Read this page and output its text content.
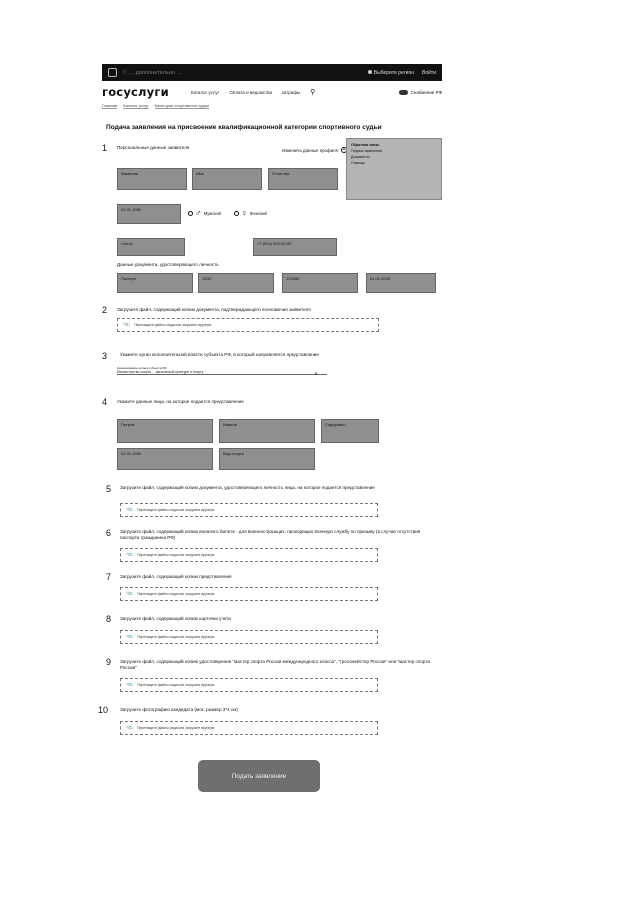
Ⓥ ... дополнительно ...	Выберите регион Войти
госуслуги	Каталог услуг Оплата и ведомства Штрафы ⚲	Снабжение РФ
Главная Каталог услуг Категории спортивного судьи
Подача заявления на присвоение квалификационной категории спортивного судьи
1 Персональные данные заявителя	Изменить данные профиля +
Обратная связь
Подача заявления
Документы
Помощь
Фамилия	Имя	Отчество
01.01.1980	♂ Мужской ♀ Женский
Снилс	+7 (000) 000-00-00
Данные документа, удостоверяющего личность
Паспорт	1234	123456	01.01.2000
2 Загрузите файл, содержащий копию документа, подтверждающего полномочия заявителя
📎 Перетащите файлы сюда или загрузите вручную
3	Укажите орган исполнительной власти субъекта РФ, в который направляется представление
Наименование органа субъекта РФ
Министерство спорта ... физической культуре и спорту	∨
4 Укажите данные лица, на которое подается представление
Петров	Иванов	Сидорович
01.01.1990	Вид спорта
5 Загрузите файл, содержащий копию документа, удостоверяющего личность лица, на которое подается представление
📎 Перетащите файлы сюда или загрузите вручную
6 Загрузите файл, содержащий копию военного билета - для военнослужащих, проходящих военную службу по призыву (в случае отсутствия паспорта гражданина РФ)
📎 Перетащите файлы сюда или загрузите вручную
7 Загрузите файл, содержащий копию представления
📎 Перетащите файлы сюда или загрузите вручную
8 Загрузите файл, содержащий копию карточки учета
📎 Перетащите файлы сюда или загрузите вручную
9 Загрузите файл, содержащий копию удостоверения "мастер спорта России международного класса", "гроссмейстер России" или "мастер спорта России"
📎 Перетащите файлы сюда или загрузите вручную
10	Загрузите фотографию кандидата (мск. размер 3*4 см)
📎 Перетащите файлы сюда или загрузите вручную
Подать заявление
